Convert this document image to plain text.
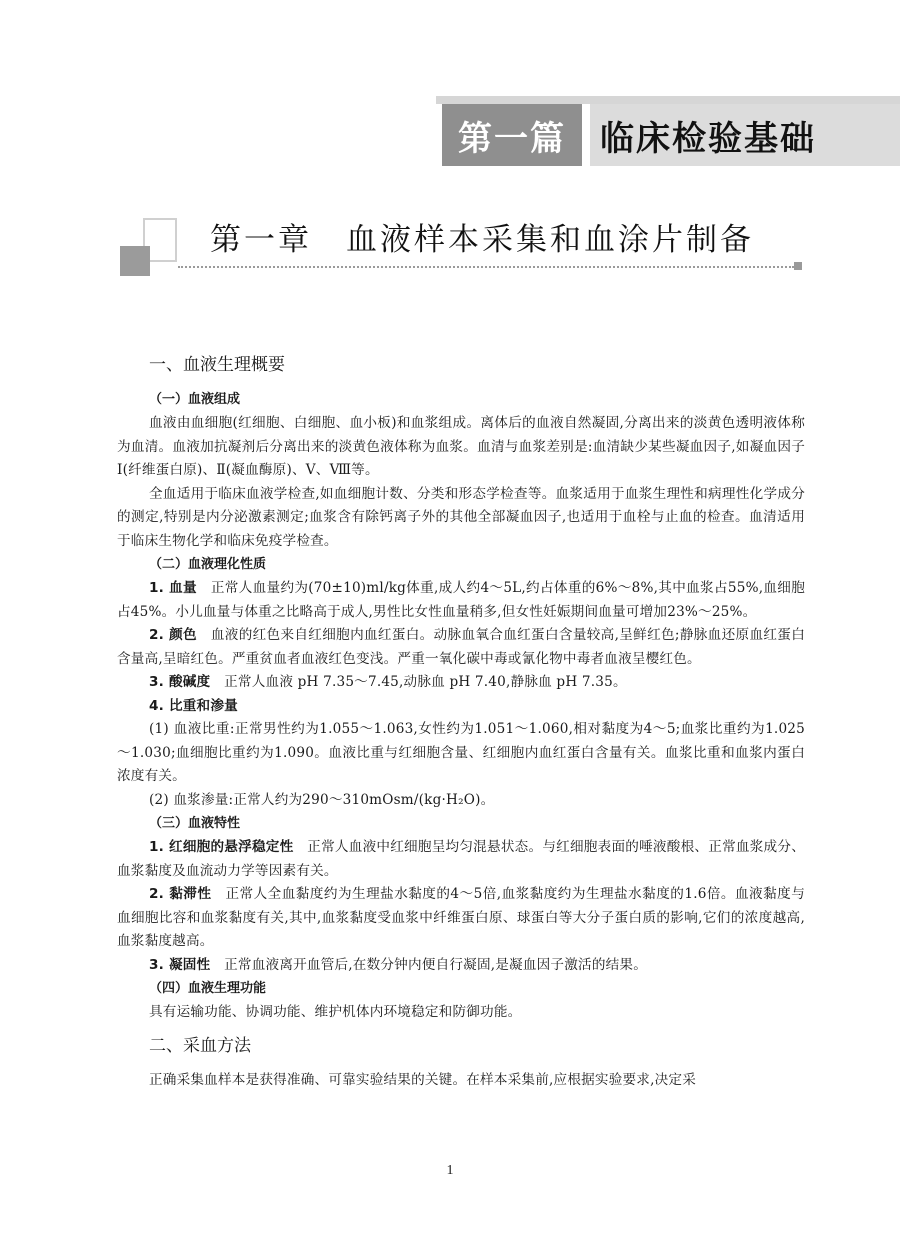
第一篇	临床检验基础
第一章　血液样本采集和血涂片制备
一、血液生理概要
（一）血液组成

血液由血细胞(红细胞、白细胞、血小板)和血浆组成。离体后的血液自然凝固,分离出来的淡黄色透明液体称为血清。血液加抗凝剂后分离出来的淡黄色液体称为血浆。血清与血浆差别是:血清缺少某些凝血因子,如凝血因子Ⅰ(纤维蛋白原)、Ⅱ(凝血酶原)、Ⅴ、Ⅷ等。

全血适用于临床血液学检查,如血细胞计数、分类和形态学检查等。血浆适用于血浆生理性和病理性化学成分的测定,特别是内分泌激素测定;血浆含有除钙离子外的其他全部凝血因子,也适用于血栓与止血的检查。血清适用于临床生物化学和临床免疫学检查。

（二）血液理化性质

1. 血量　 正常人血量约为(70±10)ml/kg体重,成人约4～5L,约占体重的6%～8%,其中血浆占55%,血细胞占45%。小儿血量与体重之比略高于成人,男性比女性血量稍多,但女性妊娠期间血量可增加23%～25%。

2. 颜色　 血液的红色来自红细胞内血红蛋白。动脉血氧合血红蛋白含量较高,呈鲜红色;静脉血还原血红蛋白含量高,呈暗红色。严重贫血者血液红色变浅。严重一氧化碳中毒或氰化物中毒者血液呈樱红色。

3. 酸碱度　 正常人血液 pH 7.35～7.45,动脉血 pH 7.40,静脉血 pH 7.35。

4. 比重和渗量

(1) 血液比重:正常男性约为1.055～1.063,女性约为1.051～1.060,相对黏度为4～5;血浆比重约为1.025～1.030;血细胞比重约为1.090。血液比重与红细胞含量、红细胞内血红蛋白含量有关。血浆比重和血浆内蛋白浓度有关。

(2) 血浆渗量:正常人约为290～310mOsm/(kg·H₂O)。

（三）血液特性

1. 红细胞的悬浮稳定性　 正常人血液中红细胞呈均匀混悬状态。与红细胞表面的唾液酸根、正常血浆成分、血浆黏度及血流动力学等因素有关。

2. 黏滞性　 正常人全血黏度约为生理盐水黏度的4～5倍,血浆黏度约为生理盐水黏度的1.6倍。血液黏度与血细胞比容和血浆黏度有关,其中,血浆黏度受血浆中纤维蛋白原、球蛋白等大分子蛋白质的影响,它们的浓度越高,血浆黏度越高。

3. 凝固性　 正常血液离开血管后,在数分钟内便自行凝固,是凝血因子激活的结果。

（四）血液生理功能

具有运输功能、协调功能、维护机体内环境稳定和防御功能。

二、采血方法

正确采集血样本是获得准确、可靠实验结果的关键。在样本采集前,应根据实验要求,决定采

1
